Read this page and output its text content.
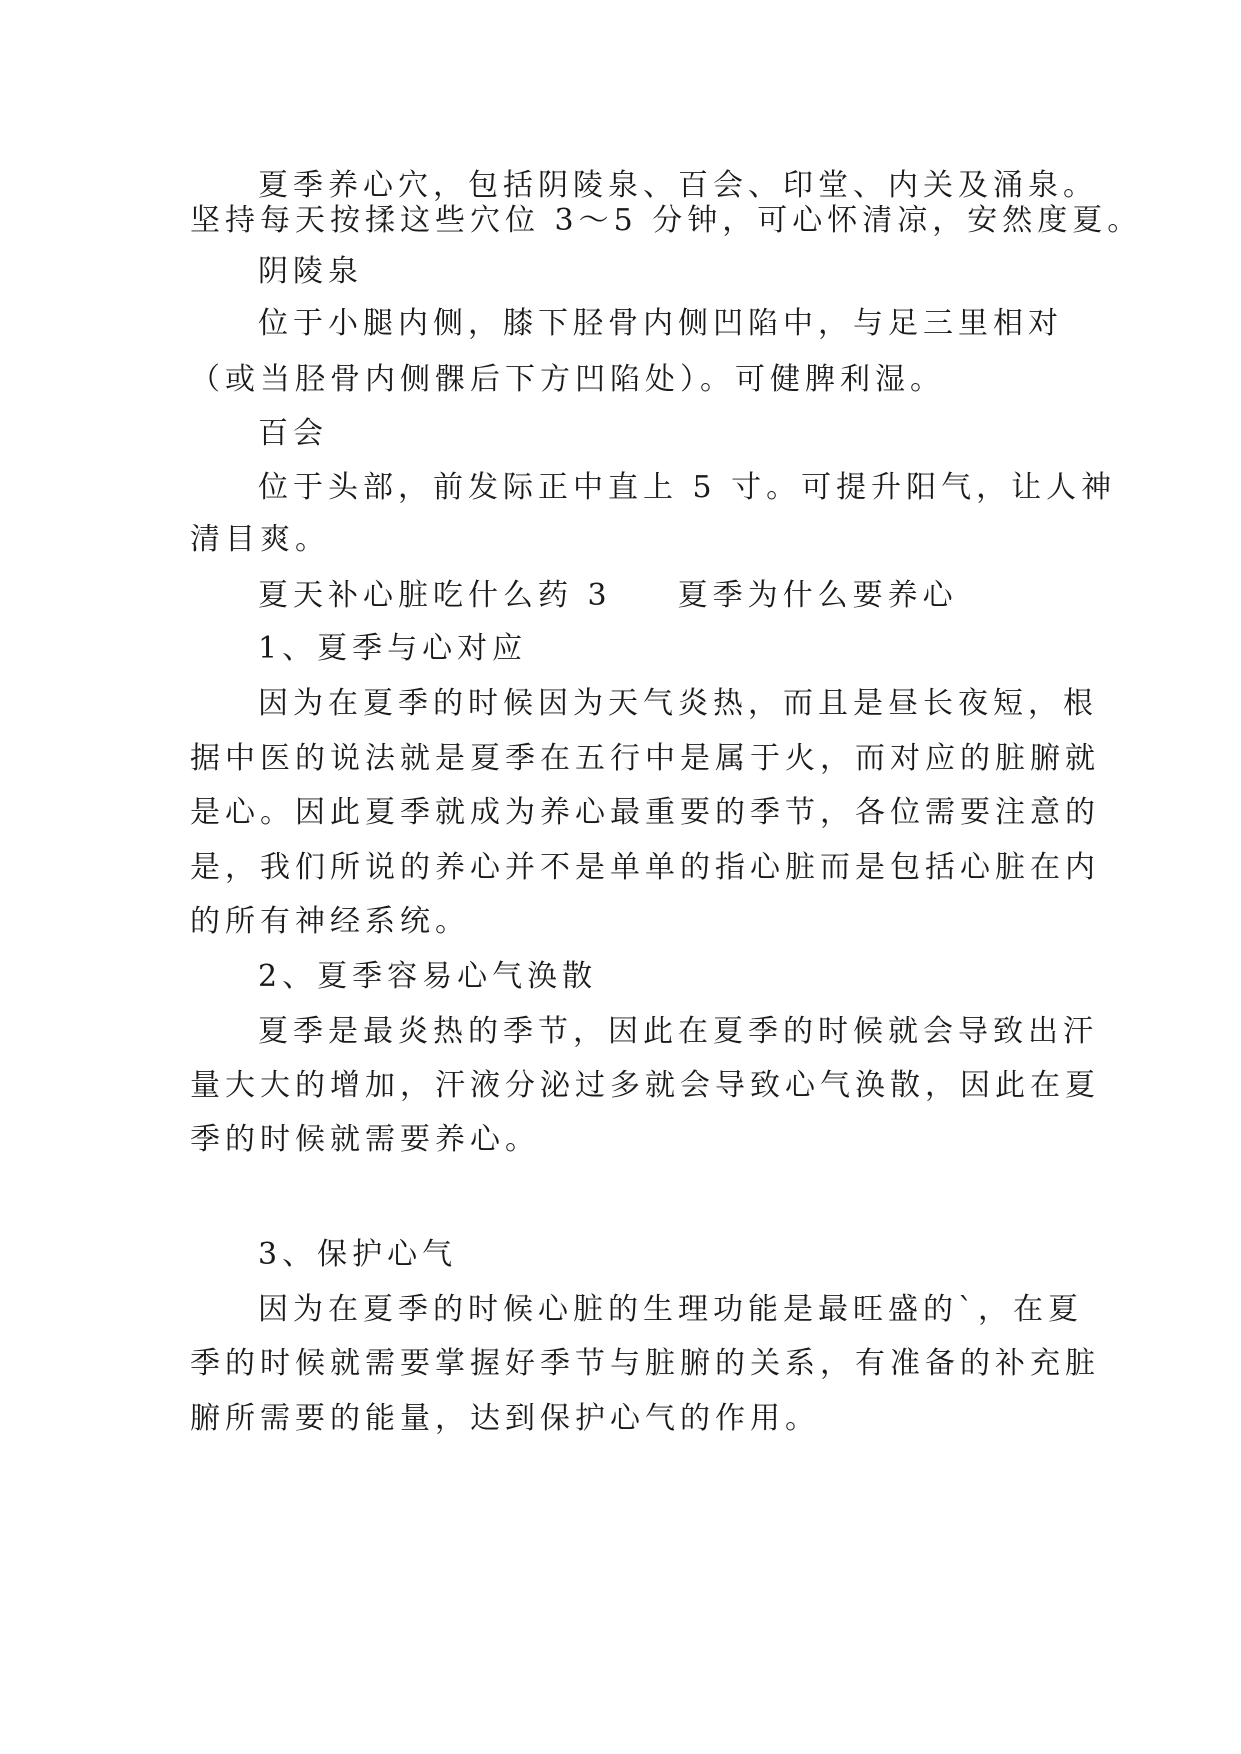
夏季养心穴，包括阴陵泉、百会、印堂、内关及涌泉。
坚持每天按揉这些穴位 3～5 分钟，可心怀清凉，安然度夏。
阴陵泉
位于小腿内侧，膝下胫骨内侧凹陷中，与足三里相对
（或当胫骨内侧髁后下方凹陷处）。可健脾利湿。
百会
位于头部，前发际正中直上 5 寸。可提升阳气，让人神
清目爽。
夏天补心脏吃什么药 3 夏季为什么要养心
1、夏季与心对应
因为在夏季的时候因为天气炎热，而且是昼长夜短，根
据中医的说法就是夏季在五行中是属于火，而对应的脏腑就
是心。因此夏季就成为养心最重要的季节，各位需要注意的
是，我们所说的养心并不是单单的指心脏而是包括心脏在内
的所有神经系统。
2、夏季容易心气涣散
夏季是最炎热的季节，因此在夏季的时候就会导致出汗
量大大的增加，汗液分泌过多就会导致心气涣散，因此在夏
季的时候就需要养心。
3、保护心气
因为在夏季的时候心脏的生理功能是最旺盛的`，在夏
季的时候就需要掌握好季节与脏腑的关系，有准备的补充脏
腑所需要的能量，达到保护心气的作用。
